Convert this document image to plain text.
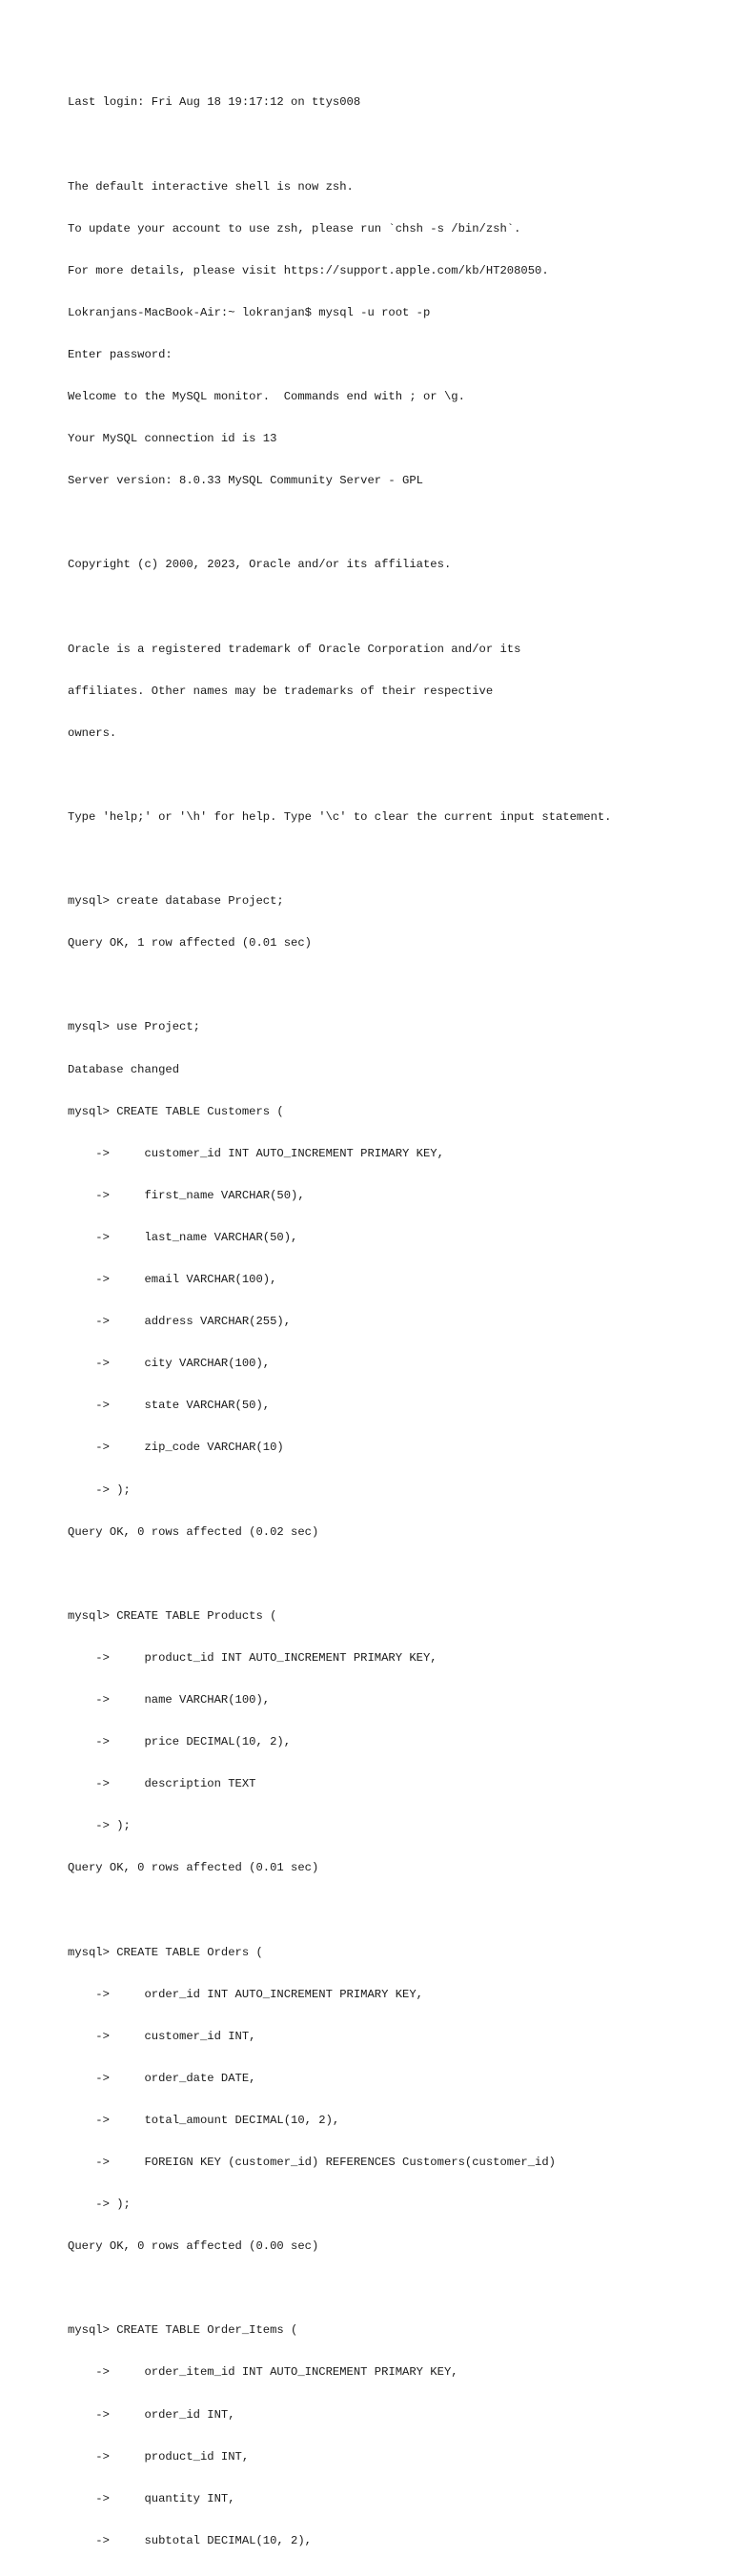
Last login: Fri Aug 18 19:17:12 on ttys008

The default interactive shell is now zsh.

To update your account to use zsh, please run `chsh -s /bin/zsh`.

For more details, please visit https://support.apple.com/kb/HT208050.

Lokranjans-MacBook-Air:~ lokranjan$ mysql -u root -p

Enter password:

Welcome to the MySQL monitor.  Commands end with ; or \g.

Your MySQL connection id is 13

Server version: 8.0.33 MySQL Community Server - GPL

Copyright (c) 2000, 2023, Oracle and/or its affiliates.

Oracle is a registered trademark of Oracle Corporation and/or its

affiliates. Other names may be trademarks of their respective

owners.

Type 'help;' or '\h' for help. Type '\c' to clear the current input statement.

mysql> create database Project;

Query OK, 1 row affected (0.01 sec)

mysql> use Project;

Database changed

mysql> CREATE TABLE Customers (

->     customer_id INT AUTO_INCREMENT PRIMARY KEY,

->     first_name VARCHAR(50),

->     last_name VARCHAR(50),

->     email VARCHAR(100),

->     address VARCHAR(255),

->     city VARCHAR(100),

->     state VARCHAR(50),

->     zip_code VARCHAR(10)

-> );

Query OK, 0 rows affected (0.02 sec)

mysql> CREATE TABLE Products (

->     product_id INT AUTO_INCREMENT PRIMARY KEY,

->     name VARCHAR(100),

->     price DECIMAL(10, 2),

->     description TEXT

-> );

Query OK, 0 rows affected (0.01 sec)

mysql> CREATE TABLE Orders (

->     order_id INT AUTO_INCREMENT PRIMARY KEY,

->     customer_id INT,

->     order_date DATE,

->     total_amount DECIMAL(10, 2),

->     FOREIGN KEY (customer_id) REFERENCES Customers(customer_id)

-> );

Query OK, 0 rows affected (0.00 sec)

mysql> CREATE TABLE Order_Items (

->     order_item_id INT AUTO_INCREMENT PRIMARY KEY,

->     order_id INT,

->     product_id INT,

->     quantity INT,

->     subtotal DECIMAL(10, 2),
